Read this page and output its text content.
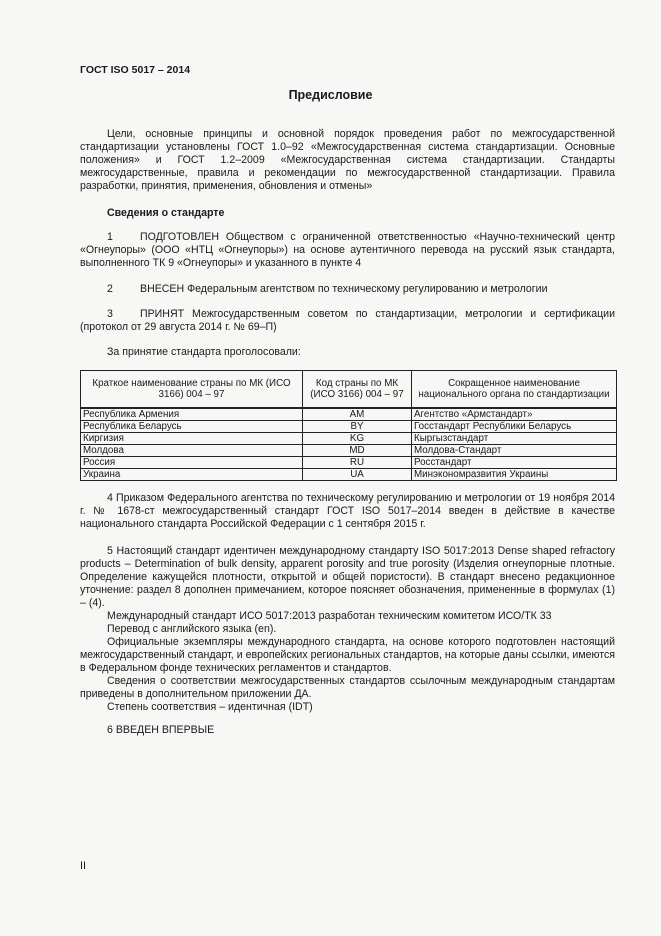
ГОСТ ISO 5017 – 2014
Предисловие

Цели, основные принципы и основной порядок проведения работ по межгосударственной стандартизации установлены ГОСТ 1.0–92 «Межгосударственная система стандартизации. Основные положения» и ГОСТ 1.2–2009 «Межгосударственная система стандартизации. Стандарты межгосударственные, правила и рекомендации по межгосударственной стандартизации. Правила разработки, принятия, применения, обновления и отмены»

Сведения о стандарте

1	ПОДГОТОВЛЕН Обществом с ограниченной ответственностью «Научно-технический центр «Огнеупоры» (ООО «НТЦ «Огнеупоры») на основе аутентичного перевода на русский язык стандарта, выполненного ТК 9 «Огнеупоры» и указанного в пункте 4

2	ВНЕСЕН Федеральным агентством по техническому регулированию и метрологии

3	ПРИНЯТ Межгосударственным советом по стандартизации, метрологии и сертификации (протокол от 29 августа 2014 г. № 69–П)

За принятие стандарта проголосовали:
Краткое наименование страны по МК (ИСО 3166) 004 – 97	Код страны по МК (ИСО 3166) 004 – 97	Сокращенное наименование национального органа по стандартизации
Республика Армения	AM	Агентство «Армстандарт»
Республика Беларусь	BY	Госстандарт Республики Беларусь
Киргизия	KG	Кыргызстандарт
Молдова	MD	Молдова-Стандарт
Россия	RU	Росстандарт
Украина	UA	Минэкономразвития Украины

4 Приказом Федерального агентства по техническому регулированию и метрологии от 19 ноября 2014 г. № 1678-ст межгосударственный стандарт ГОСТ ISO 5017–2014 введен в действие в качестве национального стандарта Российской Федерации с 1 сентября 2015 г.

5 Настоящий стандарт идентичен международному стандарту ISO 5017:2013 Dense shaped refractory products – Determination of bulk density, apparent porosity and true porosity (Изделия огнеупорные плотные. Определение кажущейся плотности, открытой и общей пористости). В стандарт внесено редакционное уточнение: раздел 8 дополнен примечанием, которое поясняет обозначения, примененные в формулах (1) – (4).

Международный стандарт ИСО 5017:2013 разработан техническим комитетом ИСО/ТК 33

Перевод с английского языка (en).

Официальные экземпляры международного стандарта, на основе которого подготовлен настоящий межгосударственный стандарт, и европейских региональных стандартов, на которые даны ссылки, имеются в Федеральном фонде технических регламентов и стандартов.

Сведения о соответствии межгосударственных стандартов ссылочным международным стандартам приведены в дополнительном приложении ДА.

Степень соответствия – идентичная (IDT)

6 ВВЕДЕН ВПЕРВЫЕ

II
